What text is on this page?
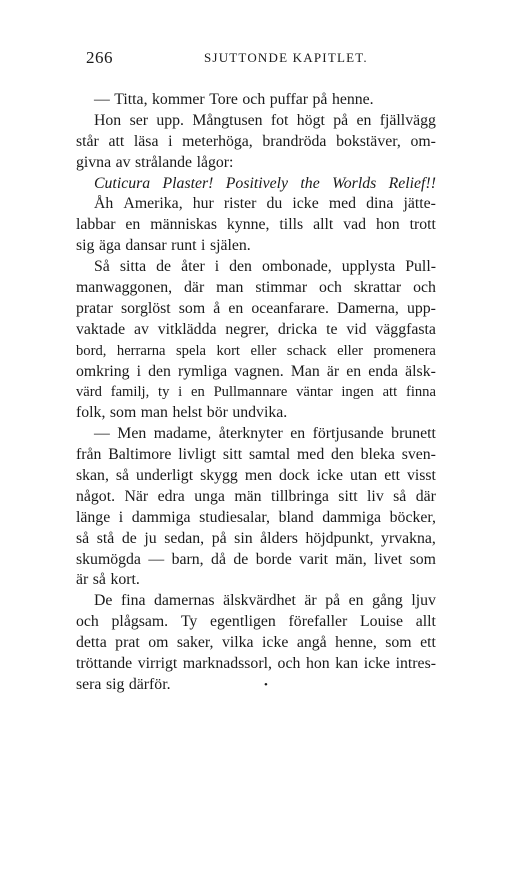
266	SJUTTONDE KAPITLET.
— Titta, kommer Tore och puffar på henne.
Hon ser upp. Mångtusen fot högt på en fjällvägg
står att läsa i meterhöga, brandröda bokstäver, om-
givna av strålande lågor:
Cuticura Plaster! Positively the Worlds Relief!!
Åh Amerika, hur rister du icke med dina jätte-
labbar en människas kynne, tills allt vad hon trott
sig äga dansar runt i själen.
Så sitta de åter i den ombonade, upplysta Pull-
manwaggonen, där man stimmar och skrattar och
pratar sorglöst som å en oceanfarare. Damerna, upp-
vaktade av vitklädda negrer, dricka te vid väggfasta
bord, herrarna spela kort eller schack eller promenera
omkring i den rymliga vagnen. Man är en enda älsk-
värd familj, ty i en Pullmannare väntar ingen att finna
folk, som man helst bör undvika.
— Men madame, återknyter en förtjusande brunett
från Baltimore livligt sitt samtal med den bleka sven-
skan, så underligt skygg men dock icke utan ett visst
något. När edra unga män tillbringa sitt liv så där
länge i dammiga studiesalar, bland dammiga böcker,
så stå de ju sedan, på sin ålders höjdpunkt, yrvakna,
skumögda — barn, då de borde varit män, livet som
är så kort.
De fina damernas älskvärdhet är på en gång ljuv
och plågsam. Ty egentligen förefaller Louise allt
detta prat om saker, vilka icke angå henne, som ett
tröttande virrigt marknadssorl, och hon kan icke intres-
sera sig därför.	•
